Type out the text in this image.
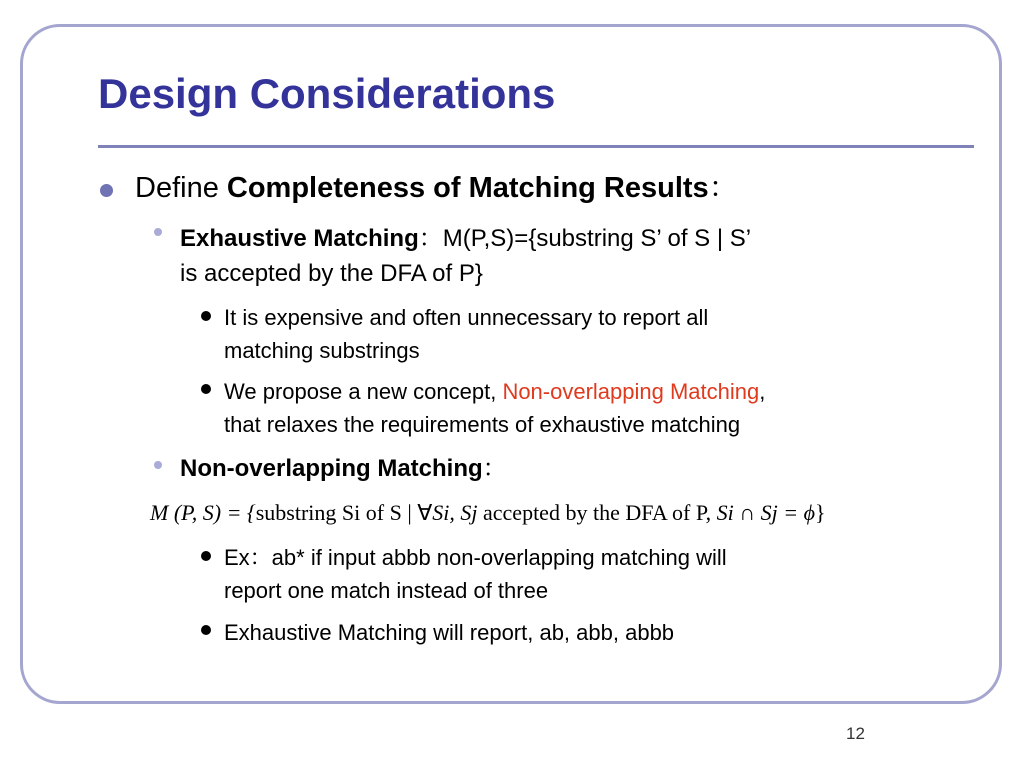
Design Considerations
Define Completeness of Matching Results：
Exhaustive Matching：M(P,S)={substring S’ of S | S’
is accepted by the DFA of P}
It is expensive and often unnecessary to report all
matching substrings
We propose a new concept, Non-overlapping Matching,
that relaxes the requirements of exhaustive matching
Non-overlapping Matching：
M (P, S) = {substring Si of S | ∀Si, Sj accepted by the DFA of P, Si ∩ Sj = ϕ}
Ex：ab* if input abbb non-overlapping matching will
report one match instead of three
Exhaustive Matching will report, ab, abb, abbb
12
